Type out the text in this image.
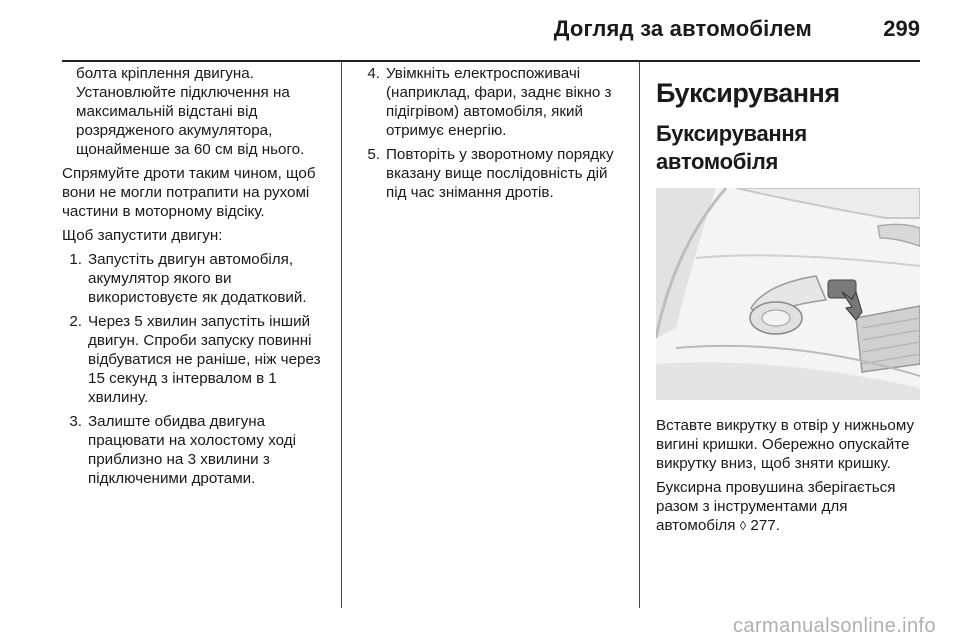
Догляд за автомобілем	299

болта кріплення двигуна. Установлюйте підключення на максимальній відстані від розрядженого акумулятора, щонайменше за 60 см від нього.

Спрямуйте дроти таким чином, щоб вони не могли потрапити на рухомі частини в моторному відсіку.

Щоб запустити двигун:

1. Запустіть двигун автомобіля, акумулятор якого ви використовуєте як додатковий.
2. Через 5 хвилин запустіть інший двигун. Спроби запуску повинні відбуватися не раніше, ніж через 15 секунд з інтервалом в 1 хвилину.
3. Залиште обидва двигуна працювати на холостому ході приблизно на 3 хвилини з підключеними дротами.
4. Увімкніть електроспоживачі (наприклад, фари, заднє вікно з підігрівом) автомобіля, який отримує енергію.
5. Повторіть у зворотному порядку вказану вище послідовність дій під час знімання дротів.
Буксирування
Буксирування автомобіля

Вставте викрутку в отвір у нижньому вигині кришки. Обережно опускайте викрутку вниз, щоб зняти кришку.

Буксирна провушина зберігається разом з інструментами для автомобіля ◊ 277.

carmanualsonline.info
